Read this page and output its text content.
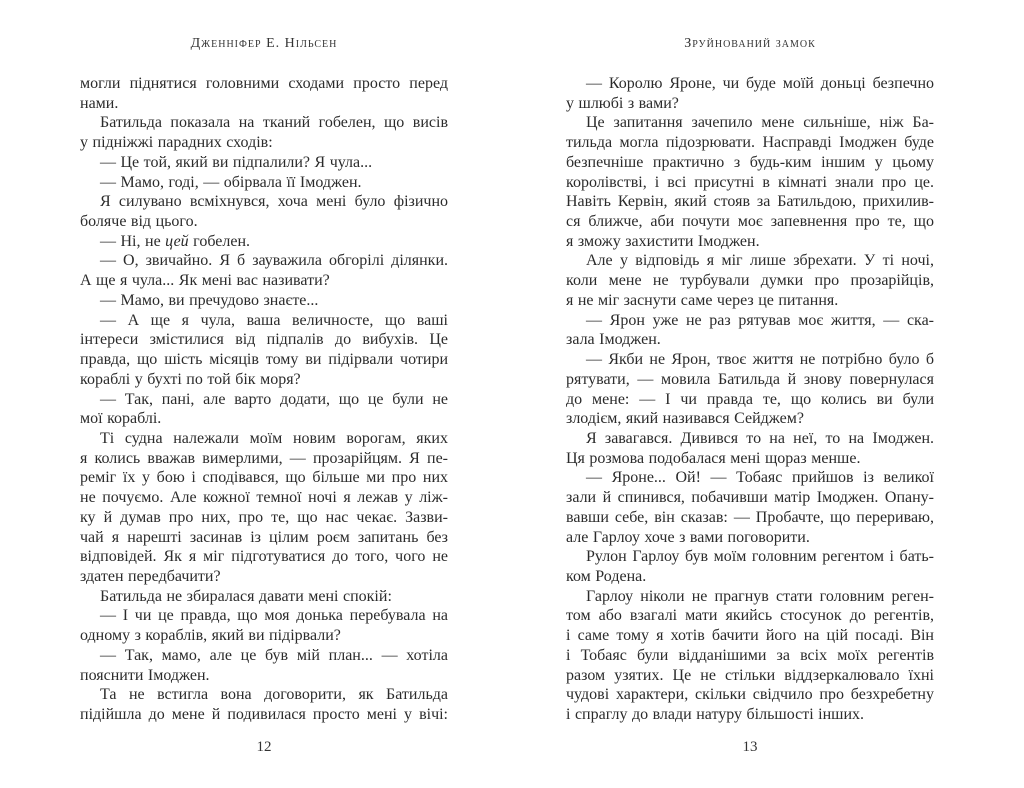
Дженніфер Е. Нільсен
могли піднятися головними сходами просто перед
нами.
Батильда показала на тканий гобелен, що висів
у підніжжі парадних сходів:
— Це той, який ви підпалили? Я чула...
— Мамо, годі, — обірвала її Імоджен.
Я силувано всміхнувся, хоча мені було фізично
боляче від цього.
— Ні, не цей гобелен.
— О, звичайно. Я б зауважила обгорілі ділянки.
А ще я чула... Як мені вас називати?
— Мамо, ви пречудово знаєте...
— А ще я чула, ваша величносте, що ваші
інтереси змістилися від підпалів до вибухів. Це
правда, що шість місяців тому ви підірвали чотири
кораблі у бухті по той бік моря?
— Так, пані, але варто додати, що це були не
мої кораблі.
Ті судна належали моїм новим ворогам, яких
я колись вважав вимерлими, — прозарійцям. Я пе-
реміг їх у бою і сподівався, що більше ми про них
не почуємо. Але кожної темної ночі я лежав у ліж-
ку й думав про них, про те, що нас чекає. Зазви-
чай я нарешті засинав із цілим роєм запитань без
відповідей. Як я міг підготуватися до того, чого не
здатен передбачити?
Батильда не збиралася давати мені спокій:
— І чи це правда, що моя донька перебувала на
одному з кораблів, який ви підірвали?
— Так, мамо, але це був мій план... — хотіла
пояснити Імоджен.
Та не встигла вона договорити, як Батильда
підійшла до мене й подивилася просто мені у вічі:
12
Зруйнований замок
— Королю Яроне, чи буде моїй доньці безпечно
у шлюбі з вами?
Це запитання зачепило мене сильніше, ніж Ба-
тильда могла підозрювати. Насправді Імоджен буде
безпечніше практично з будь-ким іншим у цьому
королівстві, і всі присутні в кімнаті знали про це.
Навіть Кервін, який стояв за Батильдою, прихилив-
ся ближче, аби почути моє запевнення про те, що
я зможу захистити Імоджен.
Але у відповідь я міг лише збрехати. У ті ночі,
коли мене не турбували думки про прозарійців,
я не міг заснути саме через це питання.
— Ярон уже не раз рятував моє життя, — ска-
зала Імоджен.
— Якби не Ярон, твоє життя не потрібно було б
рятувати, — мовила Батильда й знову повернулася
до мене: — І чи правда те, що колись ви були
злодієм, який називався Сейджем?
Я завагався. Дивився то на неї, то на Імоджен.
Ця розмова подобалася мені щораз менше.
— Яроне... Ой! — Тобаяс прийшов із великої
зали й спинився, побачивши матір Імоджен. Опану-
вавши себе, він сказав: — Пробачте, що перериваю,
але Гарлоу хоче з вами поговорити.
Рулон Гарлоу був моїм головним регентом і бать-
ком Родена.
Гарлоу ніколи не прагнув стати головним реген-
том або взагалі мати якийсь стосунок до регентів,
і саме тому я хотів бачити його на цій посаді. Він
і Тобаяс були відданішими за всіх моїх регентів
разом узятих. Це не стільки віддзеркалювало їхні
чудові характери, скільки свідчило про безхребетну
і спраглу до влади натуру більшості інших.
13
